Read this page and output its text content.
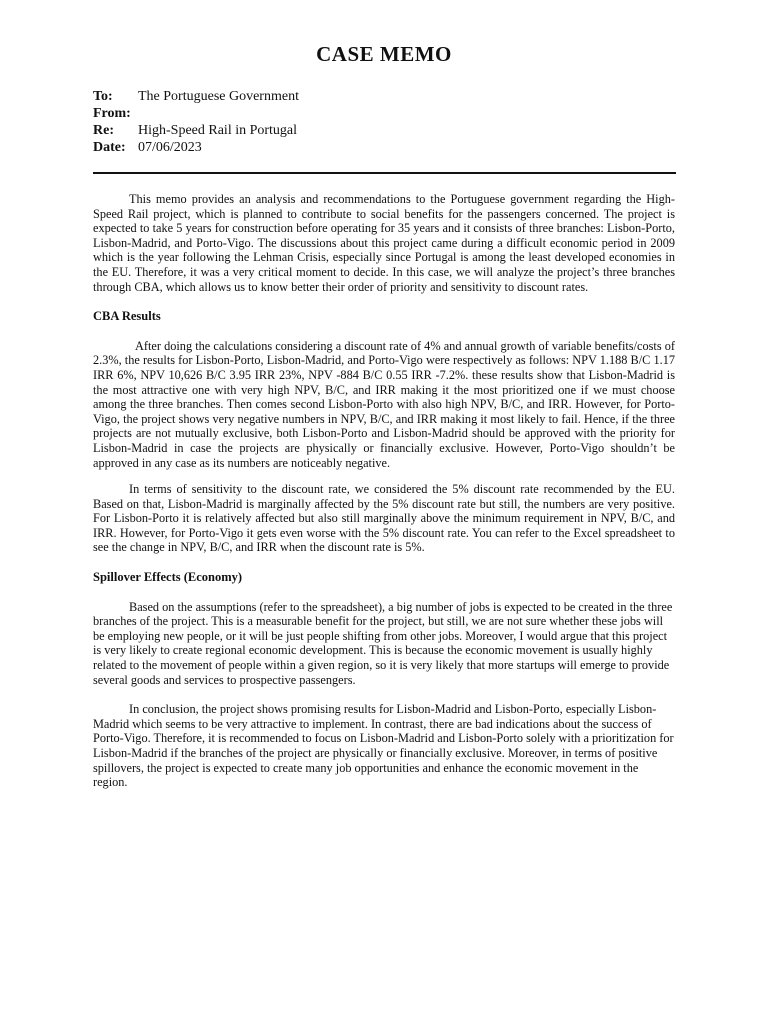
CASE MEMO
To:	The Portuguese Government
From:
Re:	High-Speed Rail in Portugal
Date: 07/06/2023

This memo provides an analysis and recommendations to the Portuguese government regarding the High-Speed Rail project, which is planned to contribute to social benefits for the passengers concerned. The project is expected to take 5 years for construction before operating for 35 years and it consists of three branches: Lisbon-Porto, Lisbon-Madrid, and Porto-Vigo. The discussions about this project came during a difficult economic period in 2009 which is the year following the Lehman Crisis, especially since Portugal is among the least developed economies in the EU. Therefore, it was a very critical moment to decide. In this case, we will analyze the project’s three branches through CBA, which allows us to know better their order of priority and sensitivity to discount rates.

CBA Results

After doing the calculations considering a discount rate of 4% and annual growth of variable benefits/costs of 2.3%, the results for Lisbon-Porto, Lisbon-Madrid, and Porto-Vigo were respectively as follows: NPV 1.188 B/C 1.17 IRR 6%, NPV 10,626 B/C 3.95 IRR 23%, NPV -884 B/C 0.55 IRR -7.2%. these results show that Lisbon-Madrid is the most attractive one with very high NPV, B/C, and IRR making it the most prioritized one if we must choose among the three branches. Then comes second Lisbon-Porto with also high NPV, B/C, and IRR. However, for Porto-Vigo, the project shows very negative numbers in NPV, B/C, and IRR making it most likely to fail. Hence, if the three projects are not mutually exclusive, both Lisbon-Porto and Lisbon-Madrid should be approved with the priority for Lisbon-Madrid in case the projects are physically or financially exclusive. However, Porto-Vigo shouldn’t be approved in any case as its numbers are noticeably negative.

In terms of sensitivity to the discount rate, we considered the 5% discount rate recommended by the EU. Based on that, Lisbon-Madrid is marginally affected by the 5% discount rate but still, the numbers are very positive. For Lisbon-Porto it is relatively affected but also still marginally above the minimum requirement in NPV, B/C, and IRR. However, for Porto-Vigo it gets even worse with the 5% discount rate. You can refer to the Excel spreadsheet to see the change in NPV, B/C, and IRR when the discount rate is 5%.

Spillover Effects (Economy)

Based on the assumptions (refer to the spreadsheet), a big number of jobs is expected to be created in the three branches of the project. This is a measurable benefit for the project, but still, we are not sure whether these jobs will be employing new people, or it will be just people shifting from other jobs. Moreover, I would argue that this project is very likely to create regional economic development. This is because the economic movement is usually highly related to the movement of people within a given region, so it is very likely that more startups will emerge to provide several goods and services to prospective passengers.

In conclusion, the project shows promising results for Lisbon-Madrid and Lisbon-Porto, especially Lisbon-Madrid which seems to be very attractive to implement. In contrast, there are bad indications about the success of Porto-Vigo. Therefore, it is recommended to focus on Lisbon-Madrid and Lisbon-Porto solely with a prioritization for Lisbon-Madrid if the branches of the project are physically or financially exclusive. Moreover, in terms of positive spillovers, the project is expected to create many job opportunities and enhance the economic movement in the region.
